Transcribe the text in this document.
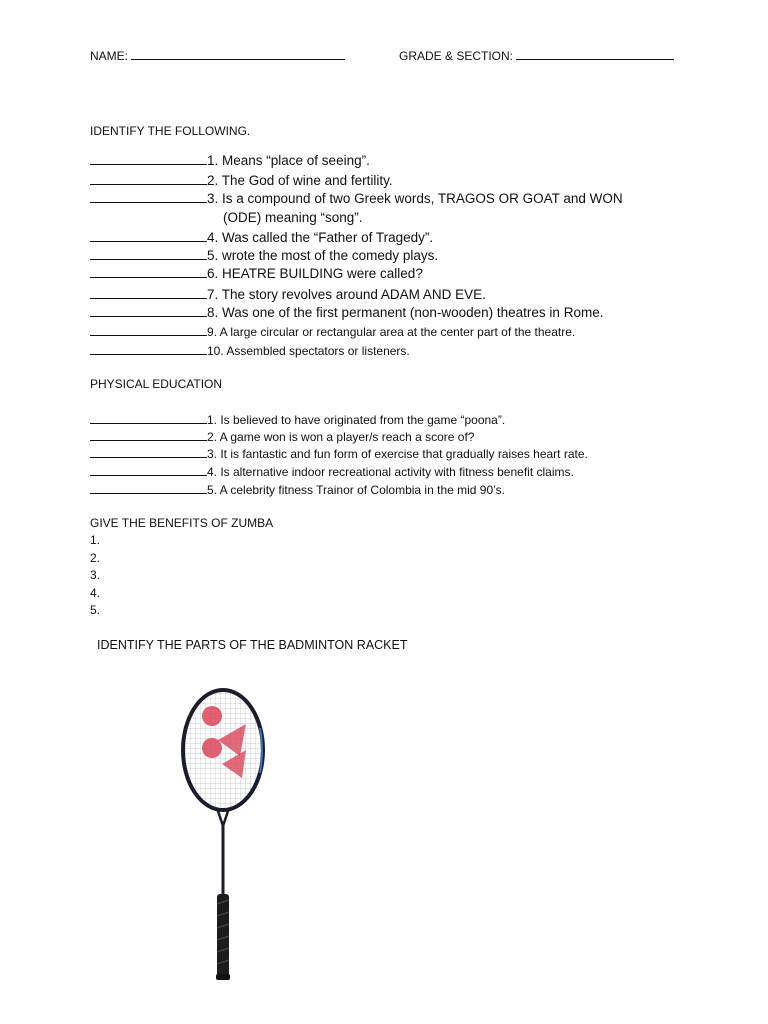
NAME:	GRADE & SECTION:
IDENTIFY THE FOLLOWING.
1. Means “place of seeing”.
2. The God of wine and fertility.
3. Is a compound of two Greek words, TRAGOS OR GOAT and WON
(ODE) meaning “song”.
4. Was called the “Father of Tragedy”.
5. wrote the most of the comedy plays.
6. HEATRE BUILDING were called?
7. The story revolves around ADAM AND EVE.
8. Was one of the first permanent (non-wooden) theatres in Rome.
9. A large circular or rectangular area at the center part of the theatre.
10. Assembled spectators or listeners.
PHYSICAL EDUCATION
1. Is believed to have originated from the game “poona”.
2. A game won is won a player/s reach a score of?
3. It is fantastic and fun form of exercise that gradually raises heart rate.
4. Is alternative indoor recreational activity with fitness benefit claims.
5. A celebrity fitness Trainor of Colombia in the mid 90’s.
GIVE THE BENEFITS OF ZUMBA
1.
2.
3.
4.
5.
IDENTIFY THE PARTS OF THE BADMINTON RACKET
